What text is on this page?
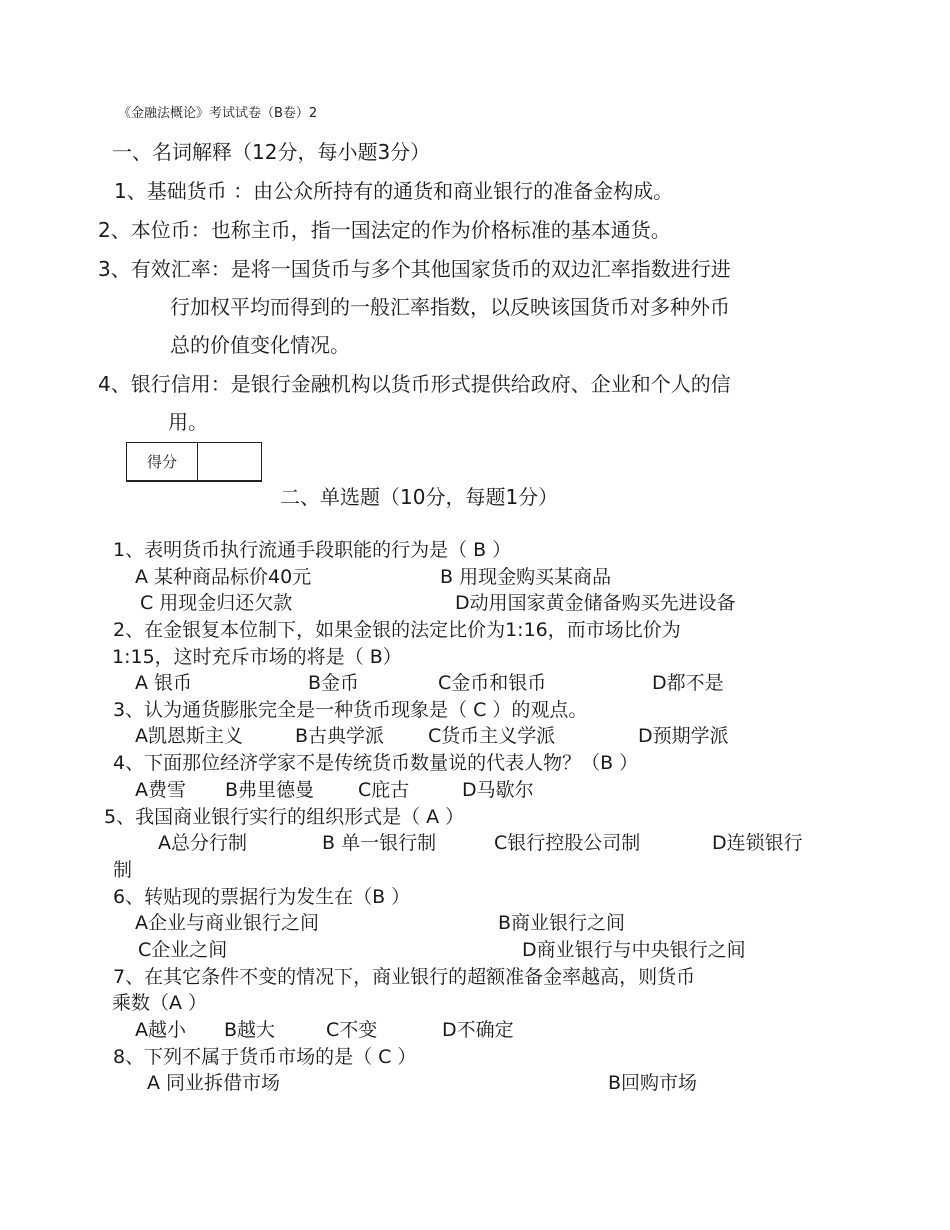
《金融法概论》考试试卷（B卷）2
一、名词解释（12分，每小题3分）
1、基础货币 ：由公众所持有的通货和商业银行的准备金构成。
2、本位币：也称主币，指一国法定的作为价格标准的基本通货。
3、有效汇率：是将一国货币与多个其他国家货币的双边汇率指数进行进
行加权平均而得到的一般汇率指数，以反映该国货币对多种外币
总的价值变化情况。
4、银行信用：是银行金融机构以货币形式提供给政府、企业和个人的信
用。
得分
二、单选题（10分，每题1分）
1、表明货币执行流通手段职能的行为是（ B ）
A 某种商品标价40元	B 用现金购买某商品
C 用现金归还欠款	D动用国家黄金储备购买先进设备
2、在金银复本位制下，如果金银的法定比价为1:16，而市场比价为
1:15，这时充斥市场的将是（ B）
A 银币	B金币	C金币和银币	D都不是
3、认为通货膨胀完全是一种货币现象是（ C ）的观点。
A凯恩斯主义	B古典学派 C货币主义学派	D预期学派
4、下面那位经济学家不是传统货币数量说的代表人物？（B ）
A费雪 B弗里德曼 C庇古	D马歇尔
5、我国商业银行实行的组织形式是（ A ）
A总分行制	B 单一银行制	C银行控股公司制	D连锁银行
制
6、转贴现的票据行为发生在（B ）
A企业与商业银行之间	B商业银行之间
C企业之间	D商业银行与中央银行之间
7、在其它条件不变的情况下，商业银行的超额准备金率越高，则货币
乘数（A ）
A越小 B越大	C不变	D不确定
8、下列不属于货币市场的是（ C ）
A 同业拆借市场	B回购市场
